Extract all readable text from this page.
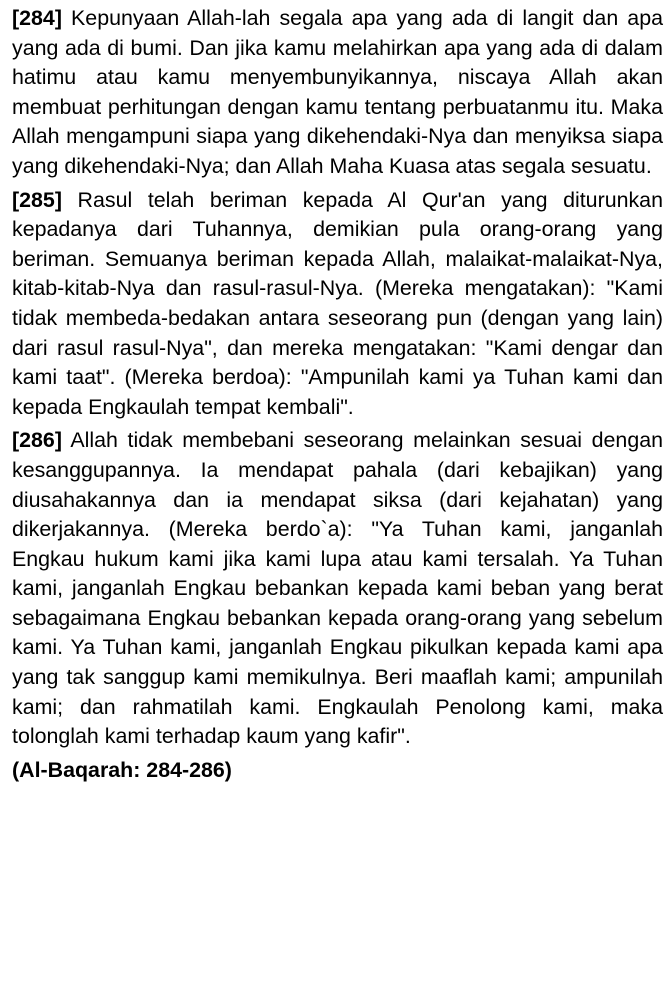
[284] Kepunyaan Allah-lah segala apa yang ada di langit dan apa yang ada di bumi. Dan jika kamu melahirkan apa yang ada di dalam hatimu atau kamu menyembunyikannya, niscaya Allah akan membuat perhitungan dengan kamu tentang perbuatanmu itu. Maka Allah mengampuni siapa yang dikehendaki-Nya dan menyiksa siapa yang dikehendaki-Nya; dan Allah Maha Kuasa atas segala sesuatu.

[285] Rasul telah beriman kepada Al Qur'an yang diturunkan kepadanya dari Tuhannya, demikian pula orang-orang yang beriman. Semuanya beriman kepada Allah, malaikat-malaikat-Nya, kitab-kitab-Nya dan rasul-rasul-Nya. (Mereka mengatakan): "Kami tidak membeda-bedakan antara seseorang pun (dengan yang lain) dari rasul rasul-Nya", dan mereka mengatakan: "Kami dengar dan kami taat". (Mereka berdoa): "Ampunilah kami ya Tuhan kami dan kepada Engkaulah tempat kembali".

[286] Allah tidak membebani seseorang melainkan sesuai dengan kesanggupannya. Ia mendapat pahala (dari kebajikan) yang diusahakannya dan ia mendapat siksa (dari kejahatan) yang dikerjakannya. (Mereka berdo`a): "Ya Tuhan kami, janganlah Engkau hukum kami jika kami lupa atau kami tersalah. Ya Tuhan kami, janganlah Engkau bebankan kepada kami beban yang berat sebagaimana Engkau bebankan kepada orang-orang yang sebelum kami. Ya Tuhan kami, janganlah Engkau pikulkan kepada kami apa yang tak sanggup kami memikulnya. Beri maaflah kami; ampunilah kami; dan rahmatilah kami. Engkaulah Penolong kami, maka tolonglah kami terhadap kaum yang kafir".

(Al-Baqarah: 284-286)
